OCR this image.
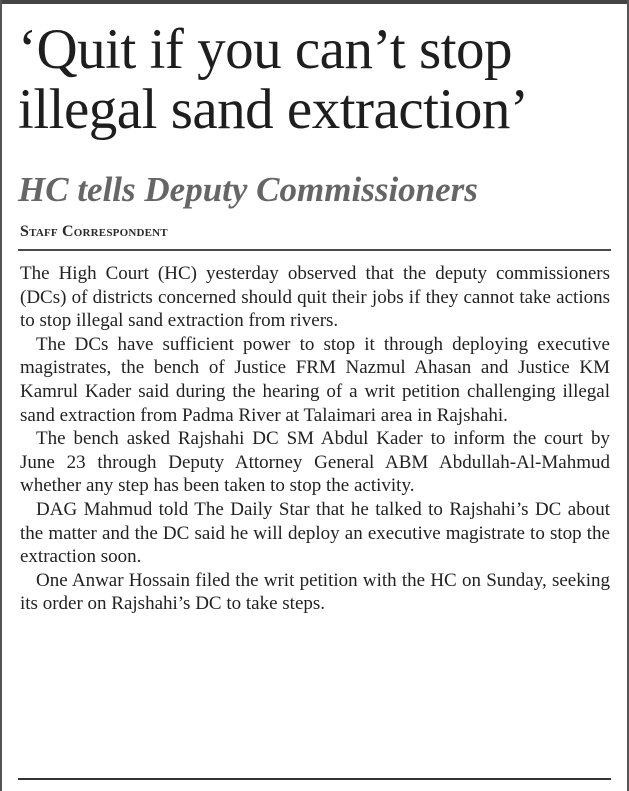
‘Quit if you can’t stop
illegal sand extraction’
HC tells Deputy Commissioners
Staff Correspondent

The High Court (HC) yesterday observed that the deputy commissioners (DCs) of districts concerned should quit their jobs if they cannot take actions to stop illegal sand extraction from rivers.

The DCs have sufficient power to stop it through deploying executive magistrates, the bench of Justice FRM Nazmul Ahasan and Justice KM Kamrul Kader said during the hearing of a writ petition challenging illegal sand extraction from Padma River at Talaimari area in Rajshahi.

The bench asked Rajshahi DC SM Abdul Kader to inform the court by June 23 through Deputy Attorney General ABM Abdullah-Al-Mahmud whether any step has been taken to stop the activity.

DAG Mahmud told The Daily Star that he talked to Rajshahi’s DC about the matter and the DC said he will deploy an executive magistrate to stop the extraction soon.

One Anwar Hossain filed the writ petition with the HC on Sunday, seeking its order on Rajshahi’s DC to take steps.
